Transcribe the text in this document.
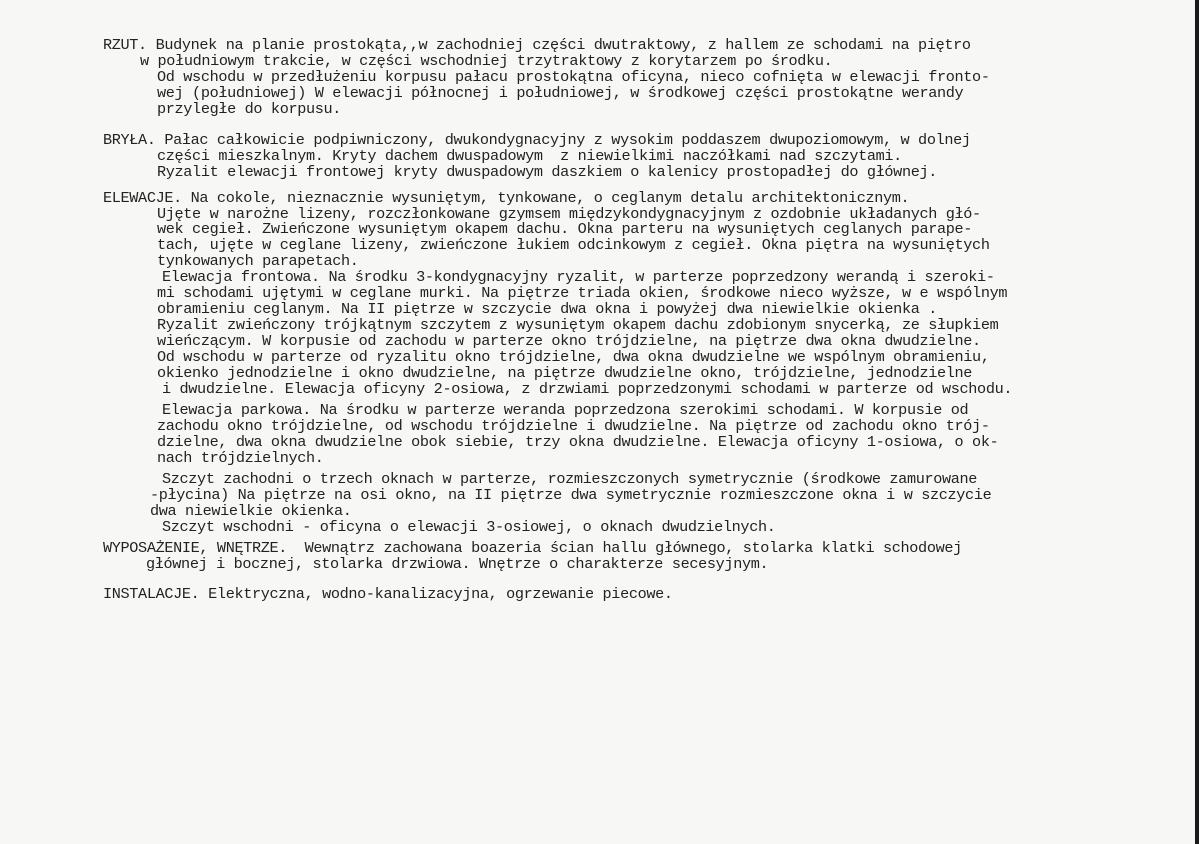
RZUT. Budynek na planie prostokąta,,w zachodniej części dwutraktowy, z hallem ze schodami na piętro
w południowym trakcie, w części wschodniej trzytraktowy z korytarzem po środku.
Od wschodu w przedłużeniu korpusu pałacu prostokątna oficyna, nieco cofnięta w elewacji fronto-
wej (południowej) W elewacji północnej i południowej, w środkowej części prostokątne werandy
przyległe do korpusu.
BRYŁA. Pałac całkowicie podpiwniczony, dwukondygnacyjny z wysokim poddaszem dwupoziomowym, w dolnej
części mieszkalnym. Kryty dachem dwuspadowym  z niewielkimi naczółkami nad szczytami.
Ryzalit elewacji frontowej kryty dwuspadowym daszkiem o kalenicy prostopadłej do głównej.
ELEWACJE. Na cokole, nieznacznie wysuniętym, tynkowane, o ceglanym detalu architektonicznym.
Ujęte w narożne lizeny, rozczłonkowane gzymsem międzykondygnacyjnym z ozdobnie układanych głó-
wek cegieł. Zwieńczone wysuniętym okapem dachu. Okna parteru na wysuniętych ceglanych parape-
tach, ujęte w ceglane lizeny, zwieńczone łukiem odcinkowym z cegieł. Okna piętra na wysuniętych
tynkowanych parapetach.
Elewacja frontowa. Na środku 3-kondygnacyjny ryzalit, w parterze poprzedzony werandą i szeroki-
mi schodami ujętymi w ceglane murki. Na piętrze triada okien, środkowe nieco wyższe, w e wspólnym
obramieniu ceglanym. Na II piętrze w szczycie dwa okna i powyżej dwa niewielkie okienka .
Ryzalit zwieńczony trójkątnym szczytem z wysuniętym okapem dachu zdobionym snycerką, ze słupkiem
wieńczącym. W korpusie od zachodu w parterze okno trójdzielne, na piętrze dwa okna dwudzielne.
Od wschodu w parterze od ryzalitu okno trójdzielne, dwa okna dwudzielne we wspólnym obramieniu,
okienko jednodzielne i okno dwudzielne, na piętrze dwudzielne okno, trójdzielne, jednodzielne
i dwudzielne. Elewacja oficyny 2-osiowa, z drzwiami poprzedzonymi schodami w parterze od wschodu.
Elewacja parkowa. Na środku w parterze weranda poprzedzona szerokimi schodami. W korpusie od
zachodu okno trójdzielne, od wschodu trójdzielne i dwudzielne. Na piętrze od zachodu okno trój-
dzielne, dwa okna dwudzielne obok siebie, trzy okna dwudzielne. Elewacja oficyny 1-osiowa, o ok-
nach trójdzielnych.
Szczyt zachodni o trzech oknach w parterze, rozmieszczonych symetrycznie (środkowe zamurowane
-płycina) Na piętrze na osi okno, na II piętrze dwa symetrycznie rozmieszczone okna i w szczycie
dwa niewielkie okienka.
Szczyt wschodni - oficyna o elewacji 3-osiowej, o oknach dwudzielnych.
WYPOSAŻENIE, WNĘTRZE.  Wewnątrz zachowana boazeria ścian hallu głównego, stolarka klatki schodowej
głównej i bocznej, stolarka drzwiowa. Wnętrze o charakterze secesyjnym.
INSTALACJE. Elektryczna, wodno-kanalizacyjna, ogrzewanie piecowe.
